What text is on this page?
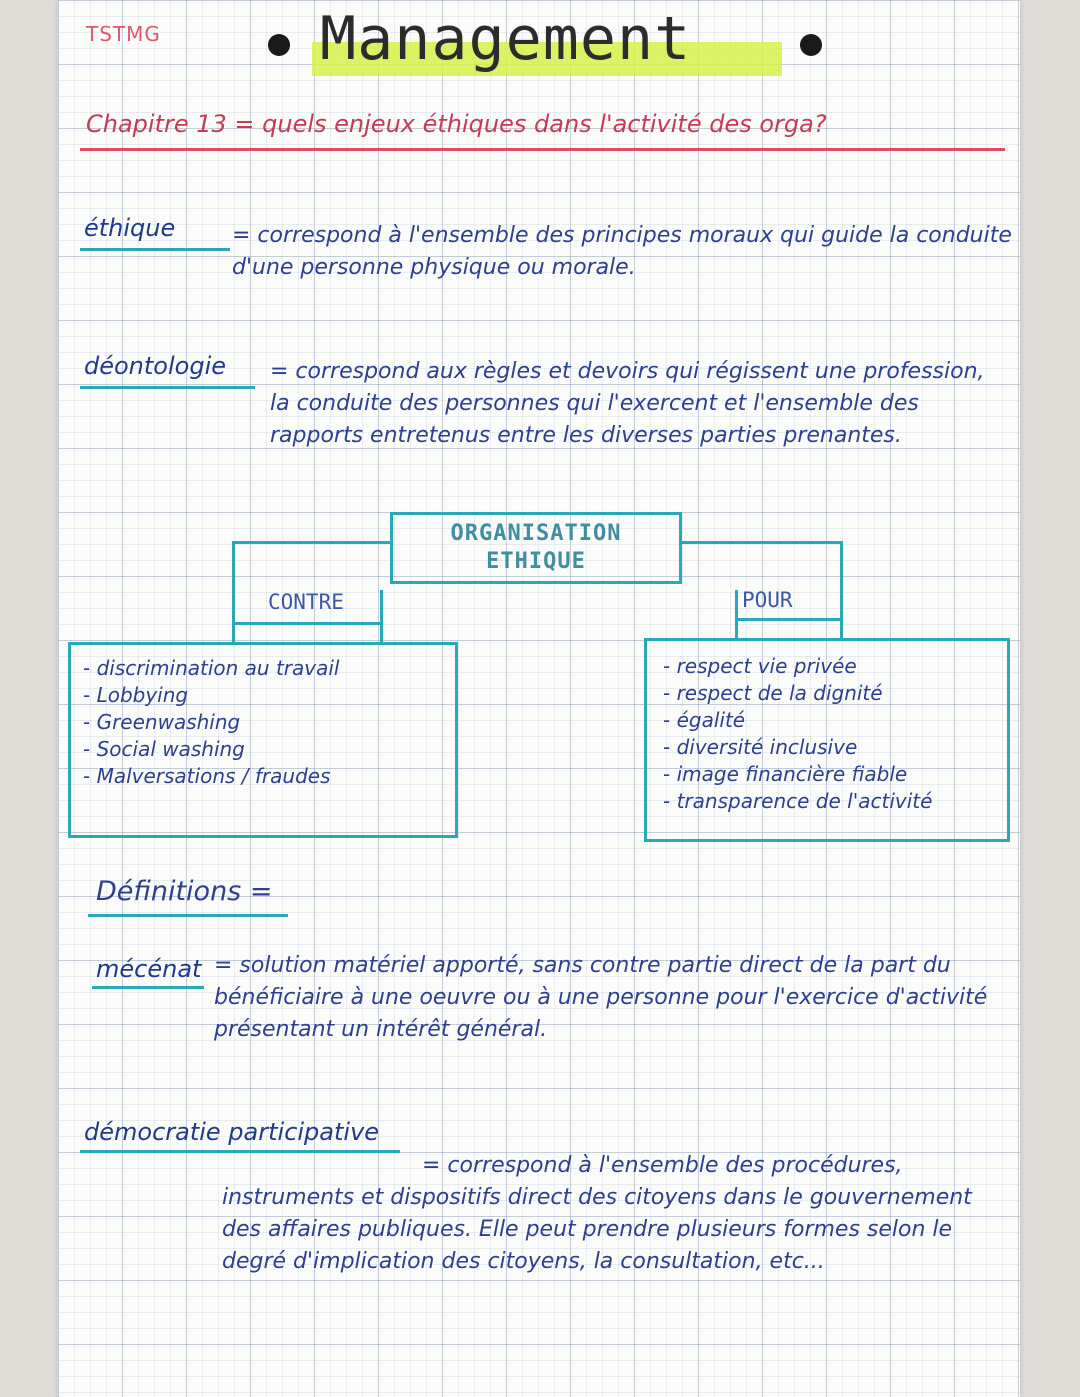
TSTMG	Management
Chapitre 13 = quels enjeux éthiques dans l'activité des orga?
éthique	= correspond à l'ensemble des principes moraux qui guide la conduite d'une personne physique ou morale.
déontologie = correspond aux règles et devoirs qui régissent une profession, la conduite des personnes qui l'exercent et l'ensemble des rapports entretenus entre les diverses parties prenantes.
ORGANISATION
ETHIQUE
CONTRE	POUR
- discrimination au travail
- Lobbying
- Greenwashing
- Social washing
- Malversations / fraudes
- respect vie privée
- respect de la dignité
- égalité
- diversité inclusive
- image financière fiable
- transparence de l'activité
Définitions =
mécénat = solution matériel apporté, sans contre partie direct de la part du bénéficiaire à une oeuvre ou à une personne pour l'exercice d'activité présentant un intérêt général.
démocratie participative
= correspond à l'ensemble des procédures, instruments et dispositifs direct des citoyens dans le gouvernement des affaires publiques. Elle peut prendre plusieurs formes selon le degré d'implication des citoyens, la consultation, etc...
